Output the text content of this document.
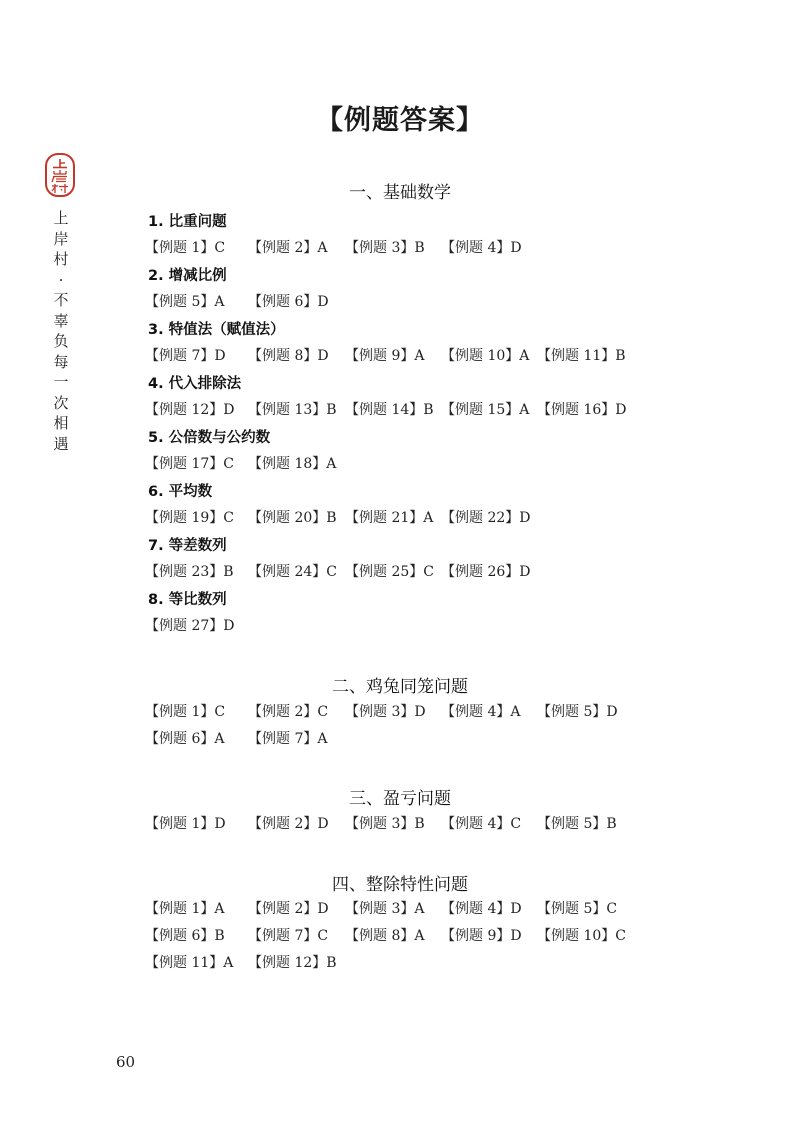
【例题答案】
上
岸
村
·
不
辜
负
每
一
次
相
遇
一、基础数学
1. 比重问题
【例题 1】C 【例题 2】A 【例题 3】B 【例题 4】D
2. 增减比例
【例题 5】A 【例题 6】D
3. 特值法（赋值法）
【例题 7】D 【例题 8】D 【例题 9】A 【例题 10】A 【例题 11】B
4. 代入排除法
【例题 12】D 【例题 13】B 【例题 14】B 【例题 15】A 【例题 16】D
5. 公倍数与公约数
【例题 17】C 【例题 18】A
6. 平均数
【例题 19】C 【例题 20】B 【例题 21】A 【例题 22】D
7. 等差数列
【例题 23】B 【例题 24】C 【例题 25】C 【例题 26】D
8. 等比数列
【例题 27】D
二、鸡兔同笼问题
【例题 1】C 【例题 2】C 【例题 3】D 【例题 4】A 【例题 5】D
【例题 6】A 【例题 7】A
三、盈亏问题
【例题 1】D 【例题 2】D 【例题 3】B 【例题 4】C 【例题 5】B
四、整除特性问题
【例题 1】A 【例题 2】D 【例题 3】A 【例题 4】D 【例题 5】C
【例题 6】B 【例题 7】C 【例题 8】A 【例题 9】D 【例题 10】C
【例题 11】A 【例题 12】B
60
